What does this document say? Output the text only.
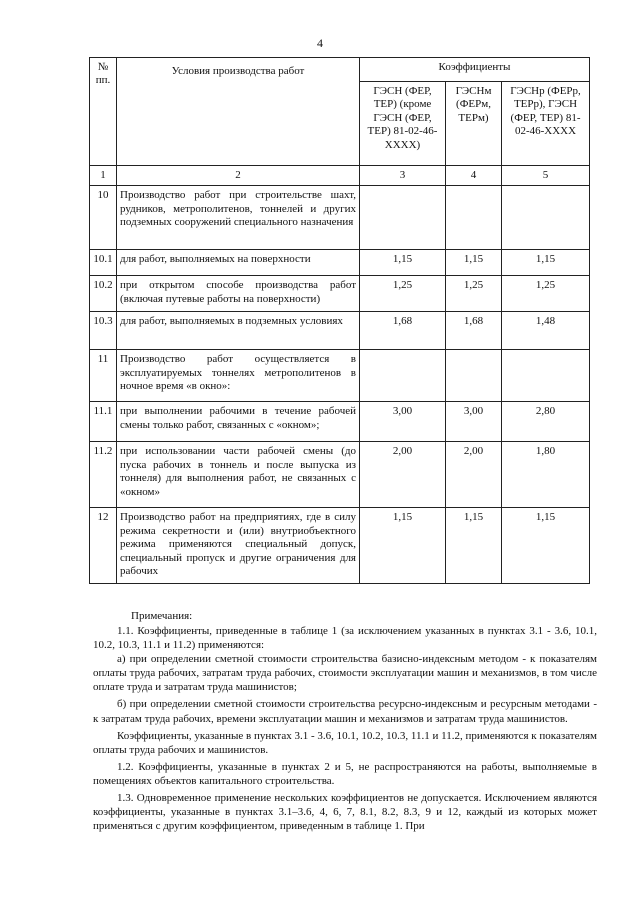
4
№ пп.	Условия производства работ	Коэффициенты		
		ГЭСН (ФЕР, ТЕР) (кроме ГЭСН (ФЕР, ТЕР) 81-02-46-XXXX)	ГЭСНм (ФЕРм, ТЕРм)	ГЭСНр (ФЕРр, ТЕРр), ГЭСН (ФЕР, ТЕР) 81-02-46-XXXX
1	2	3	4	5
10	Производство работ при строительстве шахт, рудников, метрополитенов, тоннелей и других подземных сооружений специального назначения			
10.1	для работ, выполняемых на поверхности	1,15	1,15	1,15
10.2	при открытом способе производства работ (включая путевые работы на поверхности)	1,25	1,25	1,25
10.3	для работ, выполняемых в подземных условиях	1,68	1,68	1,48
11	Производство работ осуществляется в эксплуатируемых тоннелях метрополитенов в ночное время «в окно»:			
11.1	при выполнении рабочими в течение рабочей смены только работ, связанных с «окном»;	3,00	3,00	2,80
11.2	при использовании части рабочей смены (до пуска рабочих в тоннель и после выпуска из тоннеля) для выполнения работ, не связанных с «окном»	2,00	2,00	1,80
12	Производство работ на предприятиях, где в силу режима секретности и (или) внутриобъектного режима применяются специальный допуск, специальный пропуск и другие ограничения для рабочих	1,15	1,15	1,15

Примечания:

1.1. Коэффициенты, приведенные в таблице 1 (за исключением указанных в пунктах 3.1 - 3.6, 10.1, 10.2, 10.3, 11.1 и 11.2) применяются:

а) при определении сметной стоимости строительства базисно-индексным методом - к показателям оплаты труда рабочих, затратам труда рабочих, стоимости эксплуатации машин и механизмов, в том числе оплате труда и затратам труда машинистов;

б) при определении сметной стоимости строительства ресурсно-индексным и ресурсным методами - к затратам труда рабочих, времени эксплуатации машин и механизмов и затратам труда машинистов.

Коэффициенты, указанные в пунктах 3.1 - 3.6, 10.1, 10.2, 10.3, 11.1 и 11.2, применяются к показателям оплаты труда рабочих и машинистов.

1.2. Коэффициенты, указанные в пунктах 2 и 5, не распространяются на работы, выполняемые в помещениях объектов капитального строительства.

1.3. Одновременное применение нескольких коэффициентов не допускается. Исключением являются коэффициенты, указанные в пунктах 3.1–3.6, 4, 6, 7, 8.1, 8.2, 8.3, 9 и 12, каждый из которых может применяться с другим коэффициентом, приведенным в таблице 1. При
